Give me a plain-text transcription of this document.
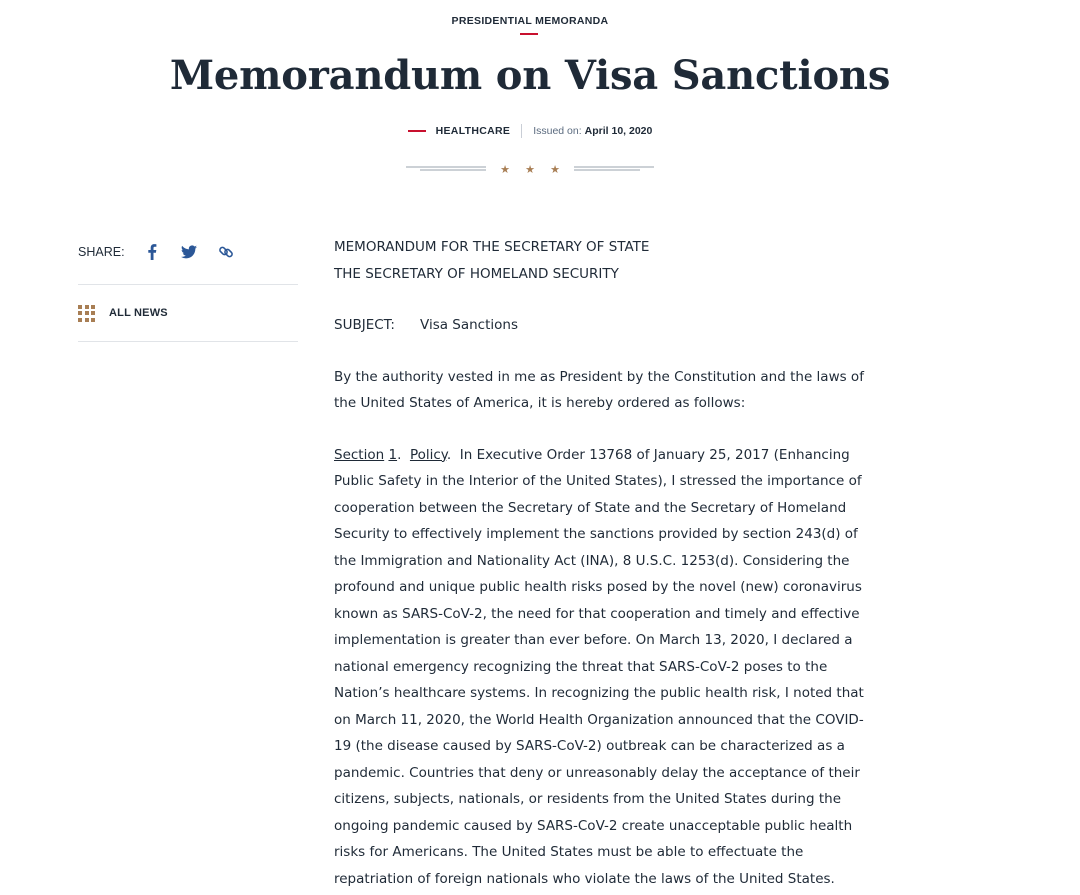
PRESIDENTIAL MEMORANDA
Memorandum on Visa Sanctions
HEALTHCARE Issued on: April 10, 2020
★ ★ ★
SHARE:
ALL NEWS

MEMORANDUM FOR THE SECRETARY OF STATE
THE SECRETARY OF HOMELAND SECURITY

SUBJECT: Visa Sanctions

By the authority vested in me as President by the Constitution and the laws of the United States of America, it is hereby ordered as follows:

Section 1.  Policy.  In Executive Order 13768 of January 25, 2017 (Enhancing Public Safety in the Interior of the United States), I stressed the importance of cooperation between the Secretary of State and the Secretary of Homeland Security to effectively implement the sanctions provided by section 243(d) of the Immigration and Nationality Act (INA), 8 U.S.C. 1253(d). Considering the profound and unique public health risks posed by the novel (new) coronavirus known as SARS-CoV-2, the need for that cooperation and timely and effective implementation is greater than ever before. On March 13, 2020, I declared a national emergency recognizing the threat that SARS-CoV-2 poses to the Nation’s healthcare systems. In recognizing the public health risk, I noted that on March 11, 2020, the World Health Organization announced that the COVID-19 (the disease caused by SARS-CoV-2) outbreak can be characterized as a pandemic. Countries that deny or unreasonably delay the acceptance of their citizens, subjects, nationals, or residents from the United States during the ongoing pandemic caused by SARS-CoV-2 create unacceptable public health risks for Americans. The United States must be able to effectuate the repatriation of foreign nationals who violate the laws of the United States.
